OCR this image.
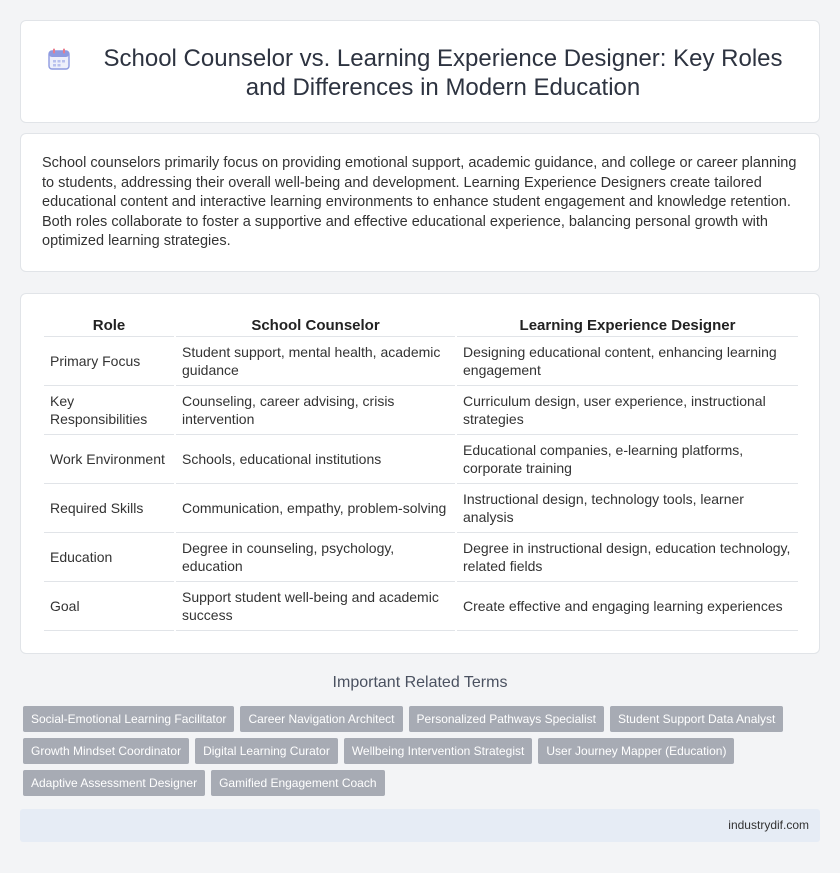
School Counselor vs. Learning Experience Designer: Key Roles and Differences in Modern Education

School counselors primarily focus on providing emotional support, academic guidance, and college or career planning to students, addressing their overall well-being and development. Learning Experience Designers create tailored educational content and interactive learning environments to enhance student engagement and knowledge retention. Both roles collaborate to foster a supportive and effective educational experience, balancing personal growth with optimized learning strategies.

Role	School Counselor	Learning Experience Designer
Primary Focus	Student support, mental health, academic guidance	Designing educational content, enhancing learning engagement
Key Responsibilities	Counseling, career advising, crisis intervention	Curriculum design, user experience, instructional strategies
Work Environment	Schools, educational institutions	Educational companies, e-learning platforms, corporate training
Required Skills	Communication, empathy, problem-solving	Instructional design, technology tools, learner analysis
Education	Degree in counseling, psychology, education	Degree in instructional design, education technology, related fields
Goal	Support student well-being and academic success	Create effective and engaging learning experiences
Important Related Terms
Social-Emotional Learning Facilitator Career Navigation Architect Personalized Pathways Specialist Student Support Data Analyst
Growth Mindset Coordinator Digital Learning Curator Wellbeing Intervention Strategist User Journey Mapper (Education)
Adaptive Assessment Designer Gamified Engagement Coach
industrydif.com
